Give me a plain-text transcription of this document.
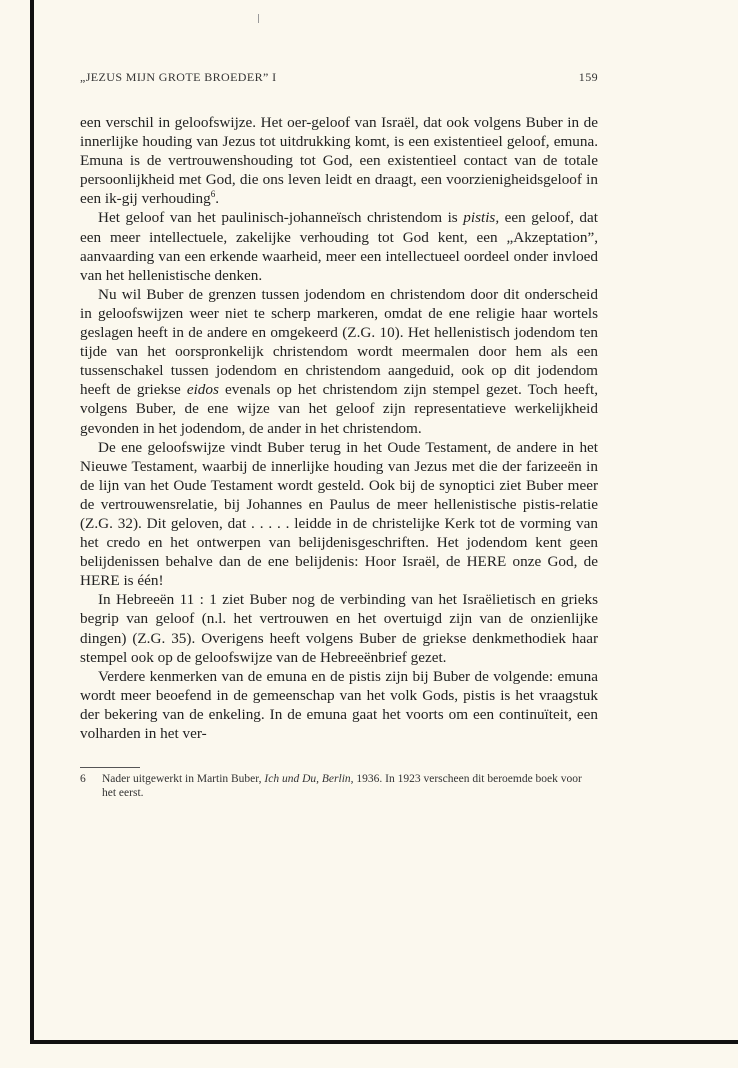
„JEZUS MIJN GROTE BROEDER” I	159

een verschil in geloofswijze. Het oer-geloof van Israël, dat ook volgens Buber in de innerlijke houding van Jezus tot uitdrukking komt, is een existentieel geloof, emuna. Emuna is de vertrouwenshouding tot God, een existentieel contact van de totale persoonlijkheid met God, die ons leven leidt en draagt, een voorzienigheidsgeloof in een ik-gij verhouding$^6$.

Het geloof van het paulinisch-johanneïsch christendom is pistis, een geloof, dat een meer intellectuele, zakelijke verhouding tot God kent, een „Akzeptation”, aanvaarding van een erkende waarheid, meer een intellectueel oordeel onder invloed van het hellenistische denken.

Nu wil Buber de grenzen tussen jodendom en christendom door dit onderscheid in geloofswijzen weer niet te scherp markeren, omdat de ene religie haar wortels geslagen heeft in de andere en omgekeerd (Z.G. 10). Het hellenistisch jodendom ten tijde van het oorspronkelijk christendom wordt meermalen door hem als een tussenschakel tussen jodendom en christendom aangeduid, ook op dit jodendom heeft de griekse eidos evenals op het christendom zijn stempel gezet. Toch heeft, volgens Buber, de ene wijze van het geloof zijn representatieve werkelijkheid gevonden in het jodendom, de ander in het christendom.

De ene geloofswijze vindt Buber terug in het Oude Testament, de andere in het Nieuwe Testament, waarbij de innerlijke houding van Jezus met die der farizeeën in de lijn van het Oude Testament wordt gesteld. Ook bij de synoptici ziet Buber meer de vertrouwensrelatie, bij Johannes en Paulus de meer hellenistische pistis-relatie (Z.G. 32). Dit geloven, dat . . . . . leidde in de christelijke Kerk tot de vorming van het credo en het ontwerpen van belijdenisgeschriften. Het jodendom kent geen belijdenissen behalve dan de ene belijdenis: Hoor Israël, de HERE onze God, de HERE is één!

In Hebreeën 11 : 1 ziet Buber nog de verbinding van het Israëlietisch en grieks begrip van geloof (n.l. het vertrouwen en het overtuigd zijn van de onzienlijke dingen) (Z.G. 35). Overigens heeft volgens Buber de griekse denkmethodiek haar stempel ook op de geloofswijze van de Hebreeënbrief gezet.

Verdere kenmerken van de emuna en de pistis zijn bij Buber de volgende: emuna wordt meer beoefend in de gemeenschap van het volk Gods, pistis is het vraagstuk der bekering van de enkeling. In de emuna gaat het voorts om een continuïteit, een volharden in het ver-

6	Nader uitgewerkt in Martin Buber, Ich und Du, Berlin, 1936. In 1923 verscheen dit beroemde boek voor het eerst.
